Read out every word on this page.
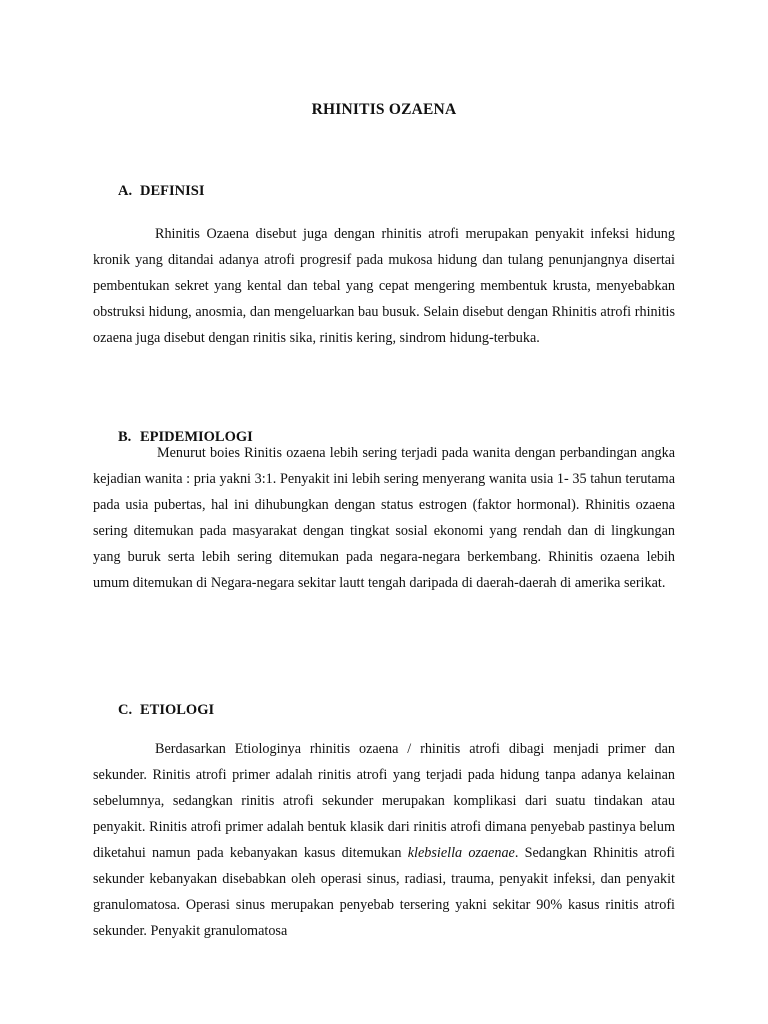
RHINITIS OZAENA
A. DEFINISI

Rhinitis Ozaena disebut juga dengan rhinitis atrofi merupakan penyakit infeksi hidung kronik yang ditandai adanya atrofi progresif pada mukosa hidung dan tulang penunjangnya disertai pembentukan sekret yang kental dan tebal yang cepat mengering membentuk krusta, menyebabkan obstruksi hidung, anosmia, dan mengeluarkan bau busuk. Selain disebut dengan Rhinitis atrofi rhinitis ozaena juga disebut dengan rinitis sika, rinitis kering, sindrom hidung-terbuka.

B. EPIDEMIOLOGI

Menurut boies Rinitis ozaena lebih sering terjadi pada wanita dengan perbandingan angka kejadian wanita : pria yakni 3:1. Penyakit ini lebih sering menyerang wanita usia 1- 35 tahun terutama pada usia pubertas, hal ini dihubungkan dengan status estrogen (faktor hormonal). Rhinitis ozaena sering ditemukan pada masyarakat dengan tingkat sosial ekonomi yang rendah dan di lingkungan yang buruk serta lebih sering ditemukan pada negara-negara berkembang. Rhinitis ozaena lebih umum ditemukan di Negara-negara sekitar lautt tengah daripada di daerah-daerah di amerika serikat.

C. ETIOLOGI

Berdasarkan Etiologinya rhinitis ozaena / rhinitis atrofi dibagi menjadi primer dan sekunder. Rinitis atrofi primer adalah rinitis atrofi yang terjadi pada hidung tanpa adanya kelainan sebelumnya, sedangkan rinitis atrofi sekunder merupakan komplikasi dari suatu tindakan atau penyakit. Rinitis atrofi primer adalah bentuk klasik dari rinitis atrofi dimana penyebab pastinya belum diketahui namun pada kebanyakan kasus ditemukan klebsiella ozaenae. Sedangkan Rhinitis atrofi sekunder kebanyakan disebabkan oleh operasi sinus, radiasi, trauma, penyakit infeksi, dan penyakit granulomatosa. Operasi sinus merupakan penyebab tersering yakni sekitar 90% kasus rinitis atrofi sekunder. Penyakit granulomatosa
